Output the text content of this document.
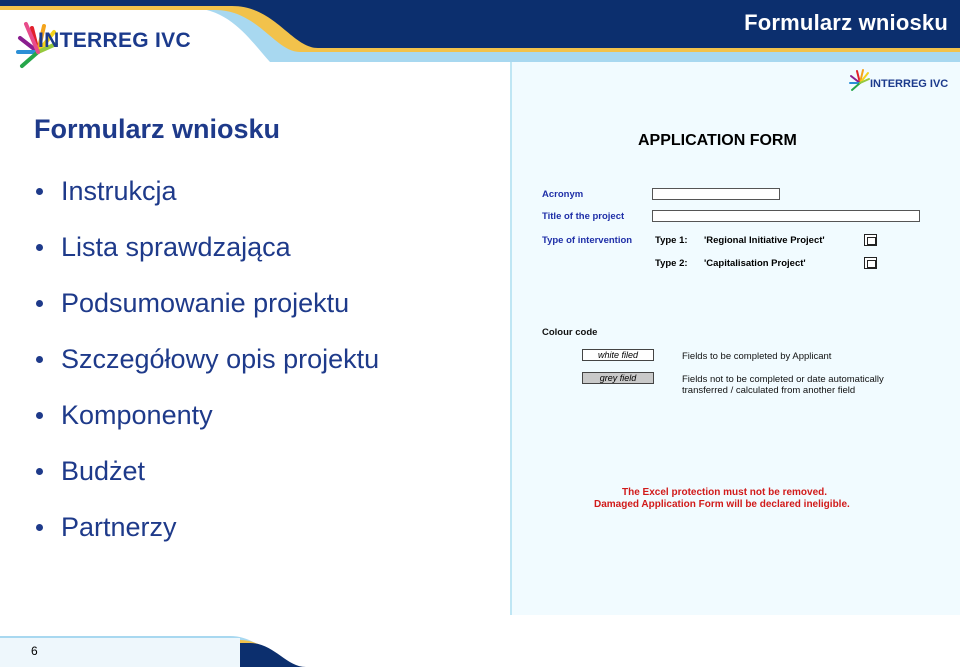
Formularz wniosku
INTERREG IVC
Formularz wniosku
Instrukcja
Lista sprawdzająca
Podsumowanie projektu
Szczegółowy opis projektu
Komponenty
Budżet
Partnerzy
INTERREG IVC
APPLICATION FORM
Acronym
Title of the project
Type of intervention Type 1: 'Regional Initiative Project'
Type 2: 'Capitalisation Project'
Colour code
white filed	Fields to be completed by Applicant
grey field	Fields not to be completed or date automatically
transferred / calculated from another field
The Excel protection must not be removed.
Damaged Application Form will be declared ineligible.
6
